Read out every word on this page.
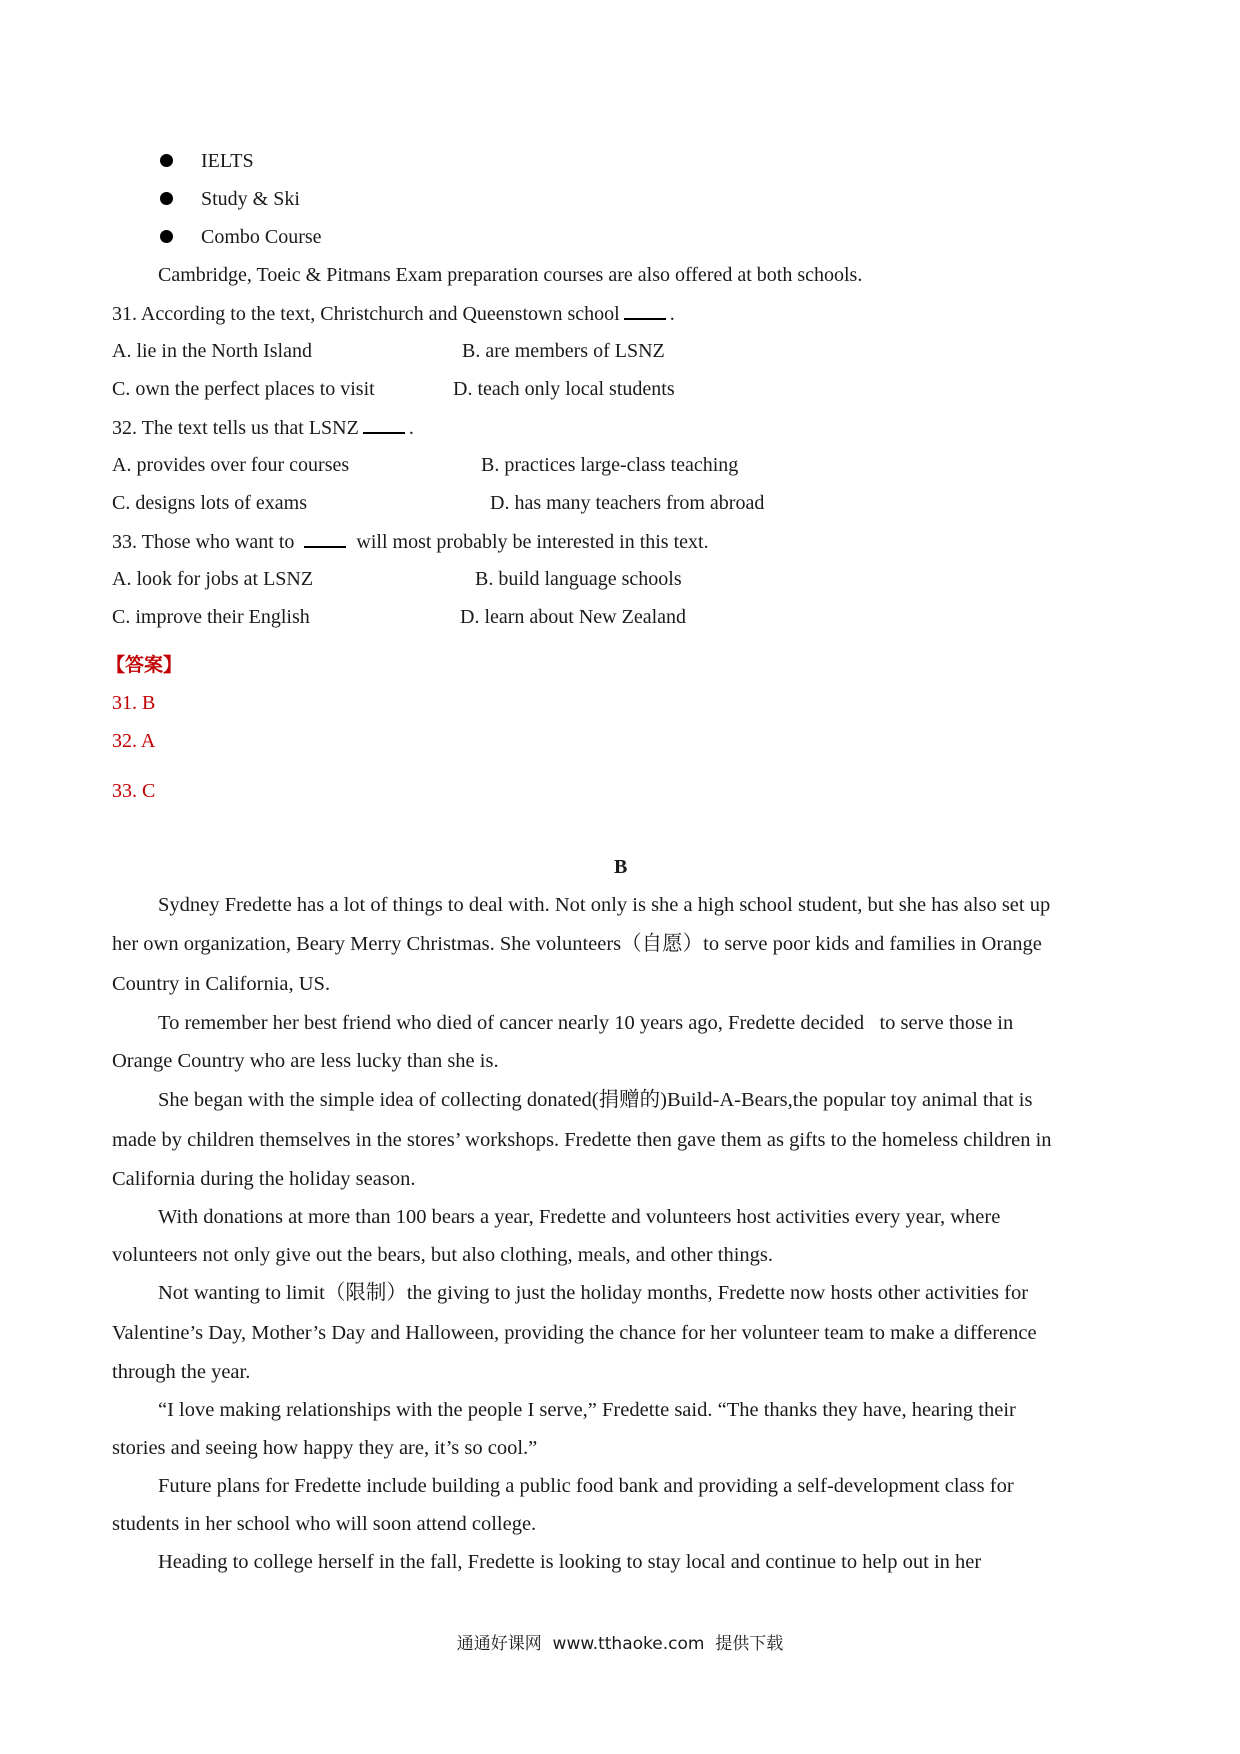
IELTS
Study & Ski
Combo Course
Cambridge, Toeic & Pitmans Exam preparation courses are also offered at both schools.
31. According to the text, Christchurch and Queenstown school	.
A. lie in the North Island	B. are members of LSNZ
C. own the perfect places to visit	D. teach only local students
32. The text tells us that LSNZ	.
A. provides over four courses	B. practices large-class teaching
C. designs lots of exams	D. has many teachers from abroad
33. Those who want to	will most probably be interested in this text.
A. look for jobs at LSNZ	B. build language schools
C. improve their English	D. learn about New Zealand
【答案】
31. B
32. A
33. C
B
Sydney Fredette has a lot of things to deal with. Not only is she a high school student, but she has also set up
her own organization, Beary Merry Christmas. She volunteers（自愿）to serve poor kids and families in Orange
Country in California, US.
To remember her best friend who died of cancer nearly 10 years ago, Fredette decided   to serve those in
Orange Country who are less lucky than she is.
She began with the simple idea of collecting donated(捐赠的)Build-A-Bears,the popular toy animal that is
made by children themselves in the stores’ workshops. Fredette then gave them as gifts to the homeless children in
California during the holiday season.
With donations at more than 100 bears a year, Fredette and volunteers host activities every year, where
volunteers not only give out the bears, but also clothing, meals, and other things.
Not wanting to limit（限制）the giving to just the holiday months, Fredette now hosts other activities for
Valentine’s Day, Mother’s Day and Halloween, providing the chance for her volunteer team to make a difference
through the year.
“I love making relationships with the people I serve,” Fredette said. “The thanks they have, hearing their
stories and seeing how happy they are, it’s so cool.”
Future plans for Fredette include building a public food bank and providing a self-development class for
students in her school who will soon attend college.
Heading to college herself in the fall, Fredette is looking to stay local and continue to help out in her
通通好课网  www.tthaoke.com  提供下载
